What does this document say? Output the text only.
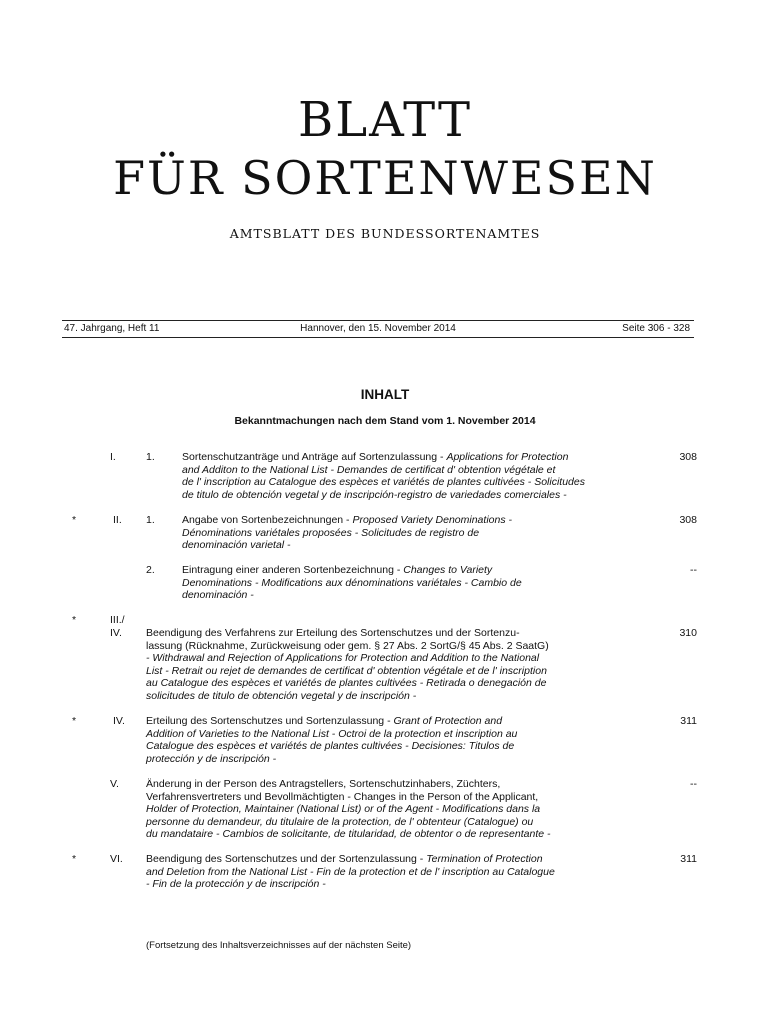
BLATT
FÜR SORTENWESEN
AMTSBLATT DES BUNDESSORTENAMTES
47. Jahrgang, Heft 11	Hannover, den 15. November 2014	Seite 306 - 328
INHALT
Bekanntmachungen nach dem Stand vom 1. November 2014
I.	1.	Sortenschutzanträge und Anträge auf Sortenzulassung - Applications for Protection
and Additon to the National List - Demandes de certificat d' obtention végétale et
de l' inscription au Catalogue des espèces et variétés de plantes cultivées - Solicitudes
de titulo de obtención vegetal y de inscripción-registro de variedades comerciales -
308
*	II.	1.	Angabe von Sortenbezeichnungen - Proposed Variety Denominations -
Dénominations variétales proposées - Solicitudes de registro de
denominación varietal -
308
2.	Eintragung einer anderen Sortenbezeichnung - Changes to Variety
Denominations - Modifications aux dénominations variétales - Cambio de
denominación -
--
*	III./
IV.	Beendigung des Verfahrens zur Erteilung des Sortenschutzes und der Sortenzu-
lassung (Rücknahme, Zurückweisung oder gem. § 27 Abs. 2 SortG/§ 45 Abs. 2 SaatG)
- Withdrawal and Rejection of Applications for Protection and Addition to the National
List - Retrait ou rejet de demandes de certificat d' obtention végétale et de l' inscription
au Catalogue des espèces et variétés de plantes cultivées - Retirada o denegación de
solicitudes de titulo de obtención vegetal y de inscripción -
310
*	IV.	Erteilung des Sortenschutzes und Sortenzulassung - Grant of Protection and
Addition of Varieties to the National List - Octroi de la protection et inscription au
Catalogue des espèces et variétés de plantes cultivées - Decisiones: Titulos de
protección y de inscripción -
311
V.	Änderung in der Person des Antragstellers, Sortenschutzinhabers, Züchters,
Verfahrensvertreters und Bevollmächtigten - Changes in the Person of the Applicant,
Holder of Protection, Maintainer (National List) or of the Agent - Modifications dans la
personne du demandeur, du titulaire de la protection, de l' obtenteur (Catalogue) ou
du mandataire - Cambios de solicitante, de titularidad, de obtentor o de representante -
--
*	VI.	Beendigung des Sortenschutzes und der Sortenzulassung - Termination of Protection
and Deletion from the National List - Fin de la protection et de l' inscription au Catalogue
- Fin de la protección y de inscripción -
311
(Fortsetzung des Inhaltsverzeichnisses auf der nächsten Seite)
